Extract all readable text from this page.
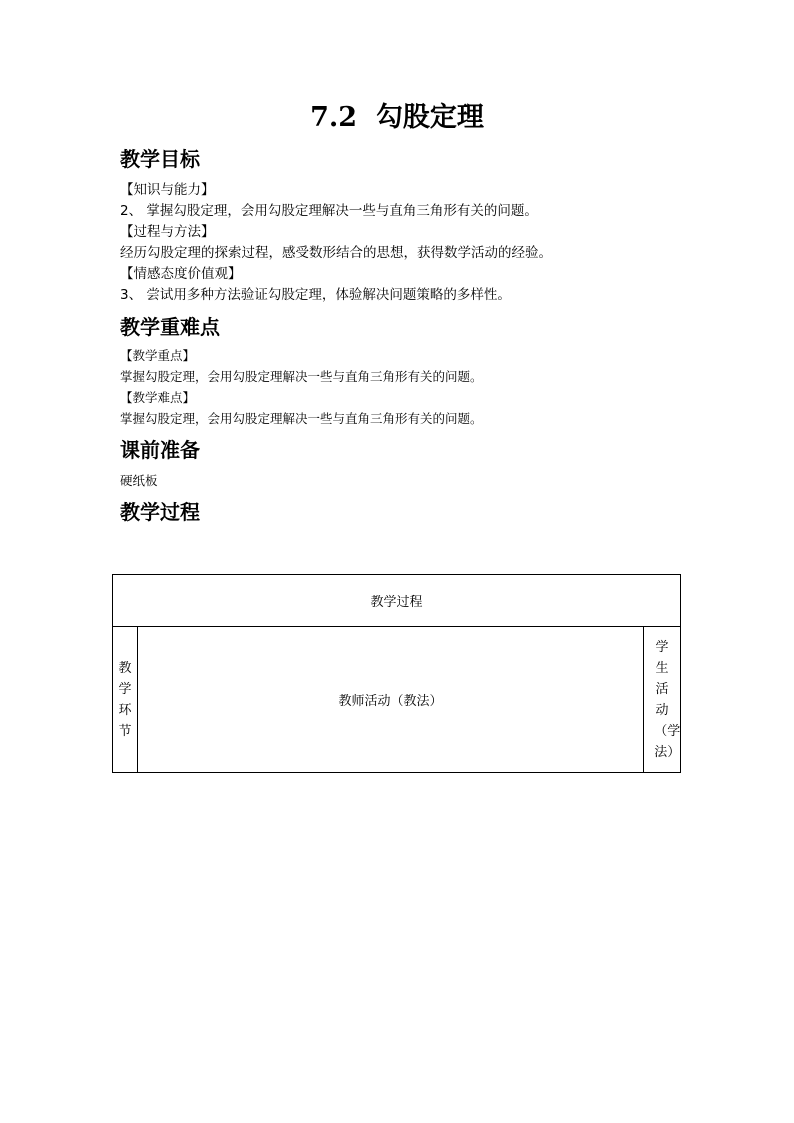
7.2  勾股定理
教学目标
【知识与能力】
2、 掌握勾股定理，会用勾股定理解决一些与直角三角形有关的问题。
【过程与方法】
经历勾股定理的探索过程，感受数形结合的思想，获得数学活动的经验。
【情感态度价值观】
3、 尝试用多种方法验证勾股定理，体验解决问题策略的多样性。
教学重难点
【教学重点】
掌握勾股定理，会用勾股定理解决一些与直角三角形有关的问题。
【教学难点】
掌握勾股定理，会用勾股定理解决一些与直角三角形有关的问题。
课前准备
硬纸板
教学过程
教学过程
教学环节	教师活动（教法）	学生活动（学法）
